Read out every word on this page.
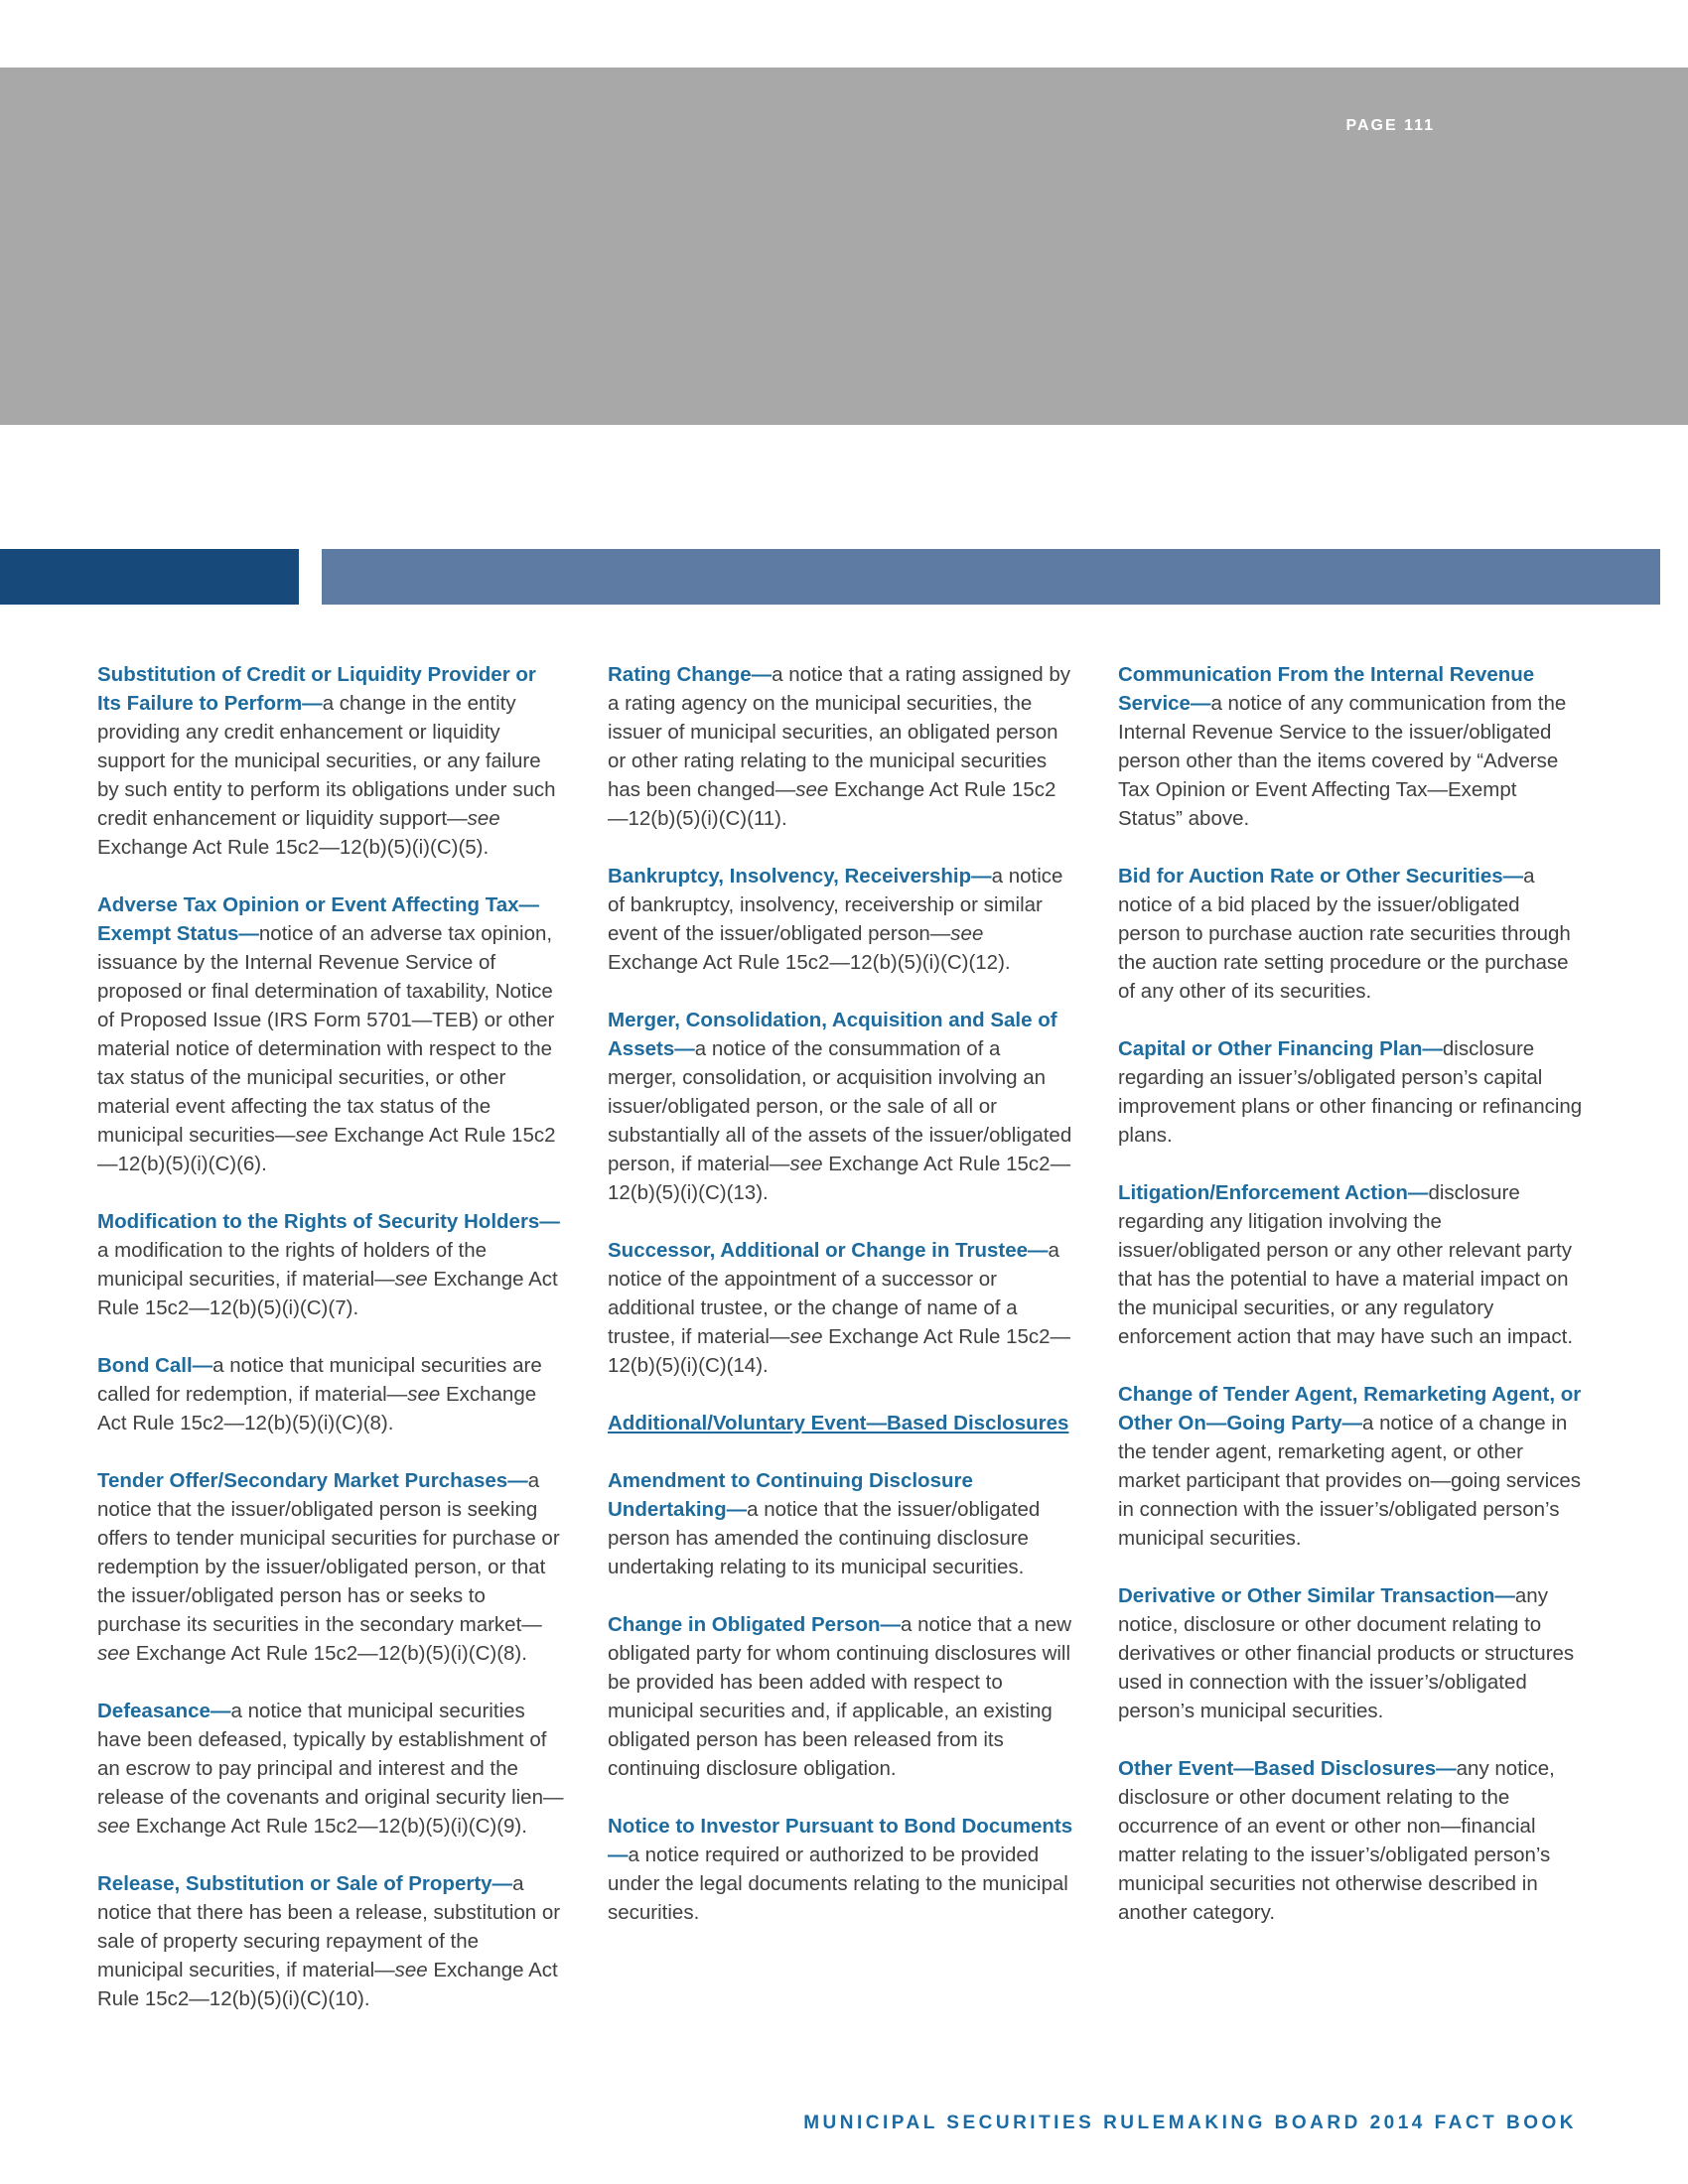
PAGE 111

Substitution of Credit or Liquidity Provider or Its Failure to Perform—a change in the entity providing any credit enhancement or liquidity support for the municipal securities, or any failure by such entity to perform its obligations under such credit enhancement or liquidity support—see Exchange Act Rule 15c2—12(b)(5)(i)(C)(5).

Adverse Tax Opinion or Event Affecting Tax—Exempt Status—notice of an adverse tax opinion, issuance by the Internal Revenue Service of proposed or final determination of taxability, Notice of Proposed Issue (IRS Form 5701—TEB) or other material notice of determination with respect to the tax status of the municipal securities, or other material event affecting the tax status of the municipal securities—see Exchange Act Rule 15c2—12(b)(5)(i)(C)(6).

Modification to the Rights of Security Holders—a modification to the rights of holders of the municipal securities, if material—see Exchange Act Rule 15c2—12(b)(5)(i)(C)(7).

Bond Call—a notice that municipal securities are called for redemption, if material—see Exchange Act Rule 15c2—12(b)(5)(i)(C)(8).

Tender Offer/Secondary Market Purchases—a notice that the issuer/obligated person is seeking offers to tender municipal securities for purchase or redemption by the issuer/obligated person, or that the issuer/obligated person has or seeks to purchase its securities in the secondary market—see Exchange Act Rule 15c2—12(b)(5)(i)(C)(8).

Defeasance—a notice that municipal securities have been defeased, typically by establishment of an escrow to pay principal and interest and the release of the covenants and original security lien—see Exchange Act Rule 15c2—12(b)(5)(i)(C)(9).

Release, Substitution or Sale of Property—a notice that there has been a release, substitution or sale of property securing repayment of the municipal securities, if material—see Exchange Act Rule 15c2—12(b)(5)(i)(C)(10).

Rating Change—a notice that a rating assigned by a rating agency on the municipal securities, the issuer of municipal securities, an obligated person or other rating relating to the municipal securities has been changed—see Exchange Act Rule 15c2—12(b)(5)(i)(C)(11).

Bankruptcy, Insolvency, Receivership—a notice of bankruptcy, insolvency, receivership or similar event of the issuer/obligated person—see Exchange Act Rule 15c2—12(b)(5)(i)(C)(12).

Merger, Consolidation, Acquisition and Sale of Assets—a notice of the consummation of a merger, consolidation, or acquisition involving an issuer/obligated person, or the sale of all or substantially all of the assets of the issuer/obligated person, if material—see Exchange Act Rule 15c2—12(b)(5)(i)(C)(13).

Successor, Additional or Change in Trustee—a notice of the appointment of a successor or additional trustee, or the change of name of a trustee, if material—see Exchange Act Rule 15c2—12(b)(5)(i)(C)(14).

Additional/Voluntary Event—Based Disclosures

Amendment to Continuing Disclosure Undertaking—a notice that the issuer/obligated person has amended the continuing disclosure undertaking relating to its municipal securities.

Change in Obligated Person—a notice that a new obligated party for whom continuing disclosures will be provided has been added with respect to municipal securities and, if applicable, an existing obligated person has been released from its continuing disclosure obligation.

Notice to Investor Pursuant to Bond Documents—a notice required or authorized to be provided under the legal documents relating to the municipal securities.

Communication From the Internal Revenue Service—a notice of any communication from the Internal Revenue Service to the issuer/obligated person other than the items covered by “Adverse Tax Opinion or Event Affecting Tax—Exempt Status” above.

Bid for Auction Rate or Other Securities—a notice of a bid placed by the issuer/obligated person to purchase auction rate securities through the auction rate setting procedure or the purchase of any other of its securities.

Capital or Other Financing Plan—disclosure regarding an issuer’s/obligated person’s capital improvement plans or other financing or refinancing plans.

Litigation/Enforcement Action—disclosure regarding any litigation involving the issuer/obligated person or any other relevant party that has the potential to have a material impact on the municipal securities, or any regulatory enforcement action that may have such an impact.

Change of Tender Agent, Remarketing Agent, or Other On—Going Party—a notice of a change in the tender agent, remarketing agent, or other market participant that provides on—going services in connection with the issuer’s/obligated person’s municipal securities.

Derivative or Other Similar Transaction—any notice, disclosure or other document relating to derivatives or other financial products or structures used in connection with the issuer’s/obligated person’s municipal securities.

Other Event—Based Disclosures—any notice, disclosure or other document relating to the occurrence of an event or other non—financial matter relating to the issuer’s/obligated person’s municipal securities not otherwise described in another category.

MUNICIPAL SECURITIES RULEMAKING BOARD 2014 FACT BOOK
